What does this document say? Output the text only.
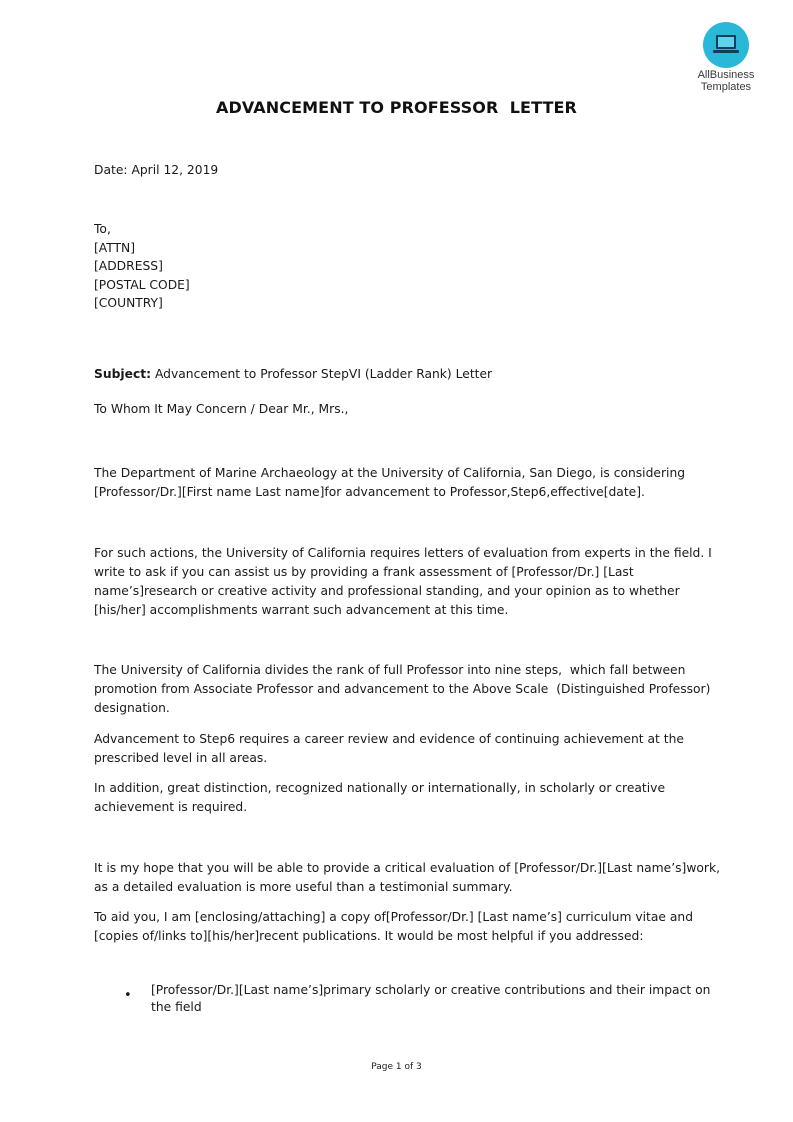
AllBusiness
Templates
ADVANCEMENT TO PROFESSOR  LETTER
Date: April 12, 2019
To,
[ATTN]
[ADDRESS]
[POSTAL CODE]
[COUNTRY]
Subject: Advancement to Professor StepVI (Ladder Rank) Letter
To Whom It May Concern / Dear Mr., Mrs.,
The Department of Marine Archaeology at the University of California, San Diego, is considering
[Professor/Dr.][First name Last name]for advancement to Professor,Step6,effective[date].
For such actions, the University of California requires letters of evaluation from experts in the field. I
write to ask if you can assist us by providing a frank assessment of [Professor/Dr.] [Last
name’s]research or creative activity and professional standing, and your opinion as to whether
[his/her] accomplishments warrant such advancement at this time.
The University of California divides the rank of full Professor into nine steps,  which fall between
promotion from Associate Professor and advancement to the Above Scale  (Distinguished Professor)
designation.
Advancement to Step6 requires a career review and evidence of continuing achievement at the
prescribed level in all areas.
In addition, great distinction, recognized nationally or internationally, in scholarly or creative
achievement is required.
It is my hope that you will be able to provide a critical evaluation of [Professor/Dr.][Last name’s]work,
as a detailed evaluation is more useful than a testimonial summary.
To aid you, I am [enclosing/attaching] a copy of[Professor/Dr.] [Last name’s] curriculum vitae and
[copies of/links to][his/her]recent publications. It would be most helpful if you addressed:
• [Professor/Dr.][Last name’s]primary scholarly or creative contributions and their impact on
the field
Page 1 of 3
